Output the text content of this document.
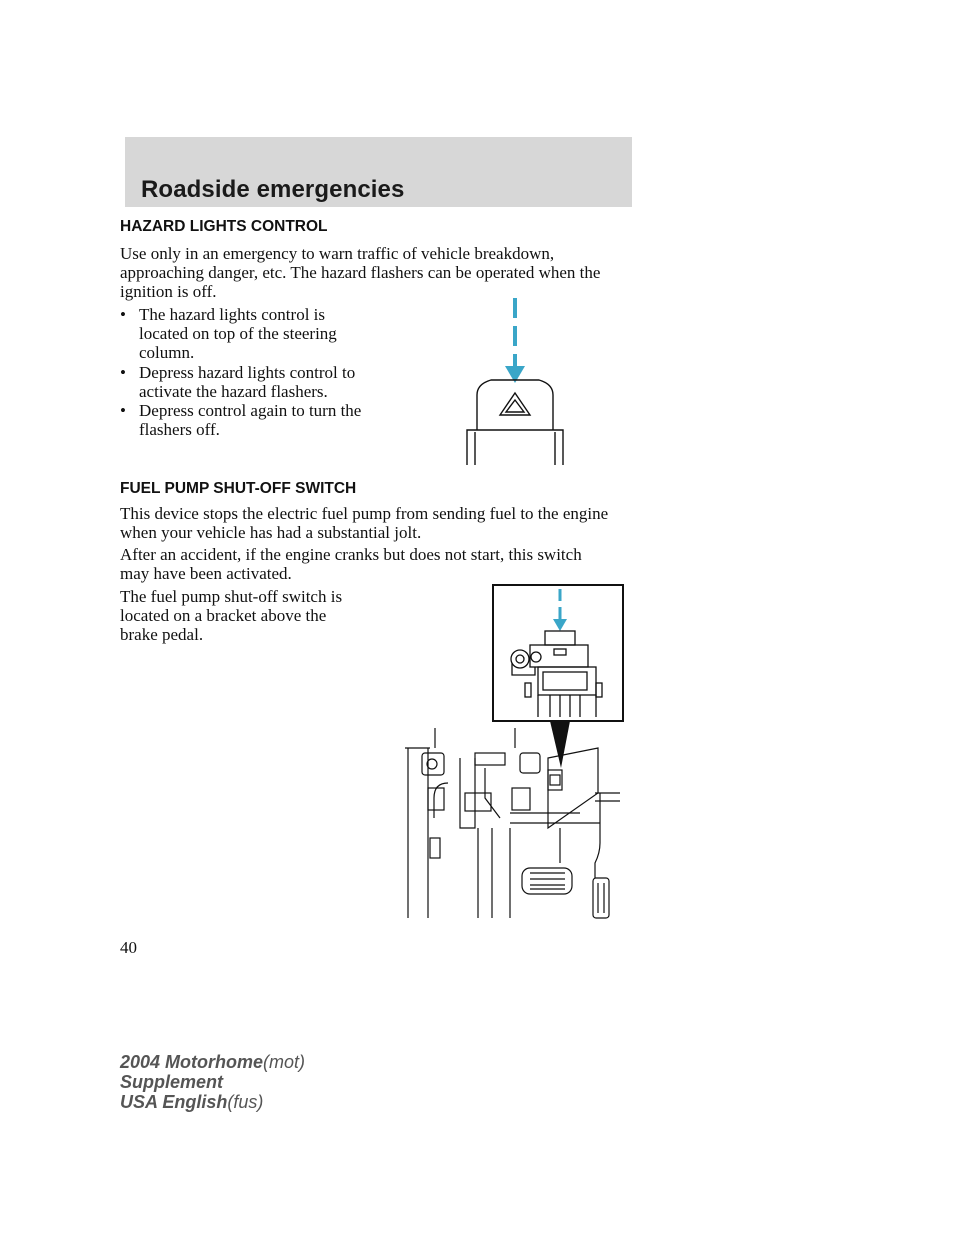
Roadside emergencies
HAZARD LIGHTS CONTROL
Use only in an emergency to warn traffic of vehicle breakdown,
approaching danger, etc. The hazard flashers can be operated when the
ignition is off.
• The hazard lights control is
located on top of the steering
column.
• Depress hazard lights control to
activate the hazard flashers.
• Depress control again to turn the
flashers off.
FUEL PUMP SHUT-OFF SWITCH
This device stops the electric fuel pump from sending fuel to the engine
when your vehicle has had a substantial jolt.
After an accident, if the engine cranks but does not start, this switch
may have been activated.
The fuel pump shut-off switch is
located on a bracket above the
brake pedal.
40
2004 Motorhome(mot)
Supplement
USA English(fus)
